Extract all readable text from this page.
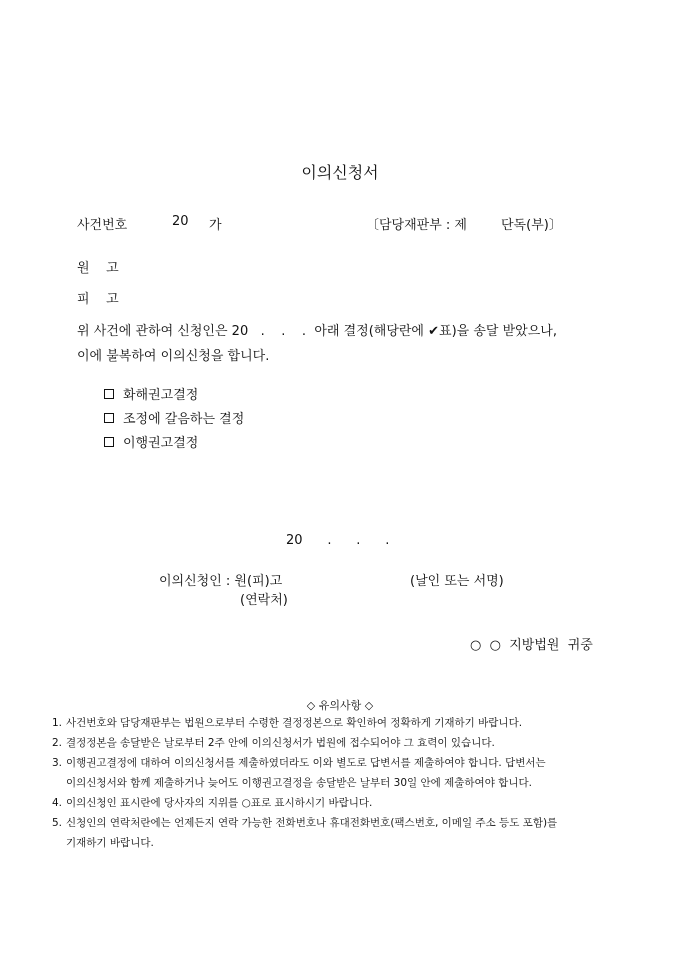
이의신청서
사건번호	20 가	〔담당재판부 : 제	단독(부)〕
원    고
피    고
위 사건에 관하여 신청인은 20   .    .    .  아래 결정(해당란에 ✔표)을 송달 받았으나,
이에 불복하여 이의신청을 합니다.
화해권고결정
조정에 갈음하는 결정
이행권고결정
20      .      .      .
이의신청인 : 원(피)고	(날인 또는 서명)
(연락처)
○  ○  지방법원  귀중
◇ 유의사항 ◇
1. 사건번호와 담당재판부는 법원으로부터 수령한 결정정본으로 확인하여 정확하게 기재하기 바랍니다.
2. 결정정본을 송달받은 날로부터 2주 안에 이의신청서가 법원에 접수되어야 그 효력이 있습니다.
3. 이행권고결정에 대하여 이의신청서를 제출하였더라도 이와 별도로 답변서를 제출하여야 합니다. 답변서는
이의신청서와 함께 제출하거나 늦어도 이행권고결정을 송달받은 날부터 30일 안에 제출하여야 합니다.
4. 이의신청인 표시란에 당사자의 지위를 ○표로 표시하시기 바랍니다.
5. 신청인의 연락처란에는 언제든지 연락 가능한 전화번호나 휴대전화번호(팩스번호, 이메일 주소 등도 포함)를
기재하기 바랍니다.
